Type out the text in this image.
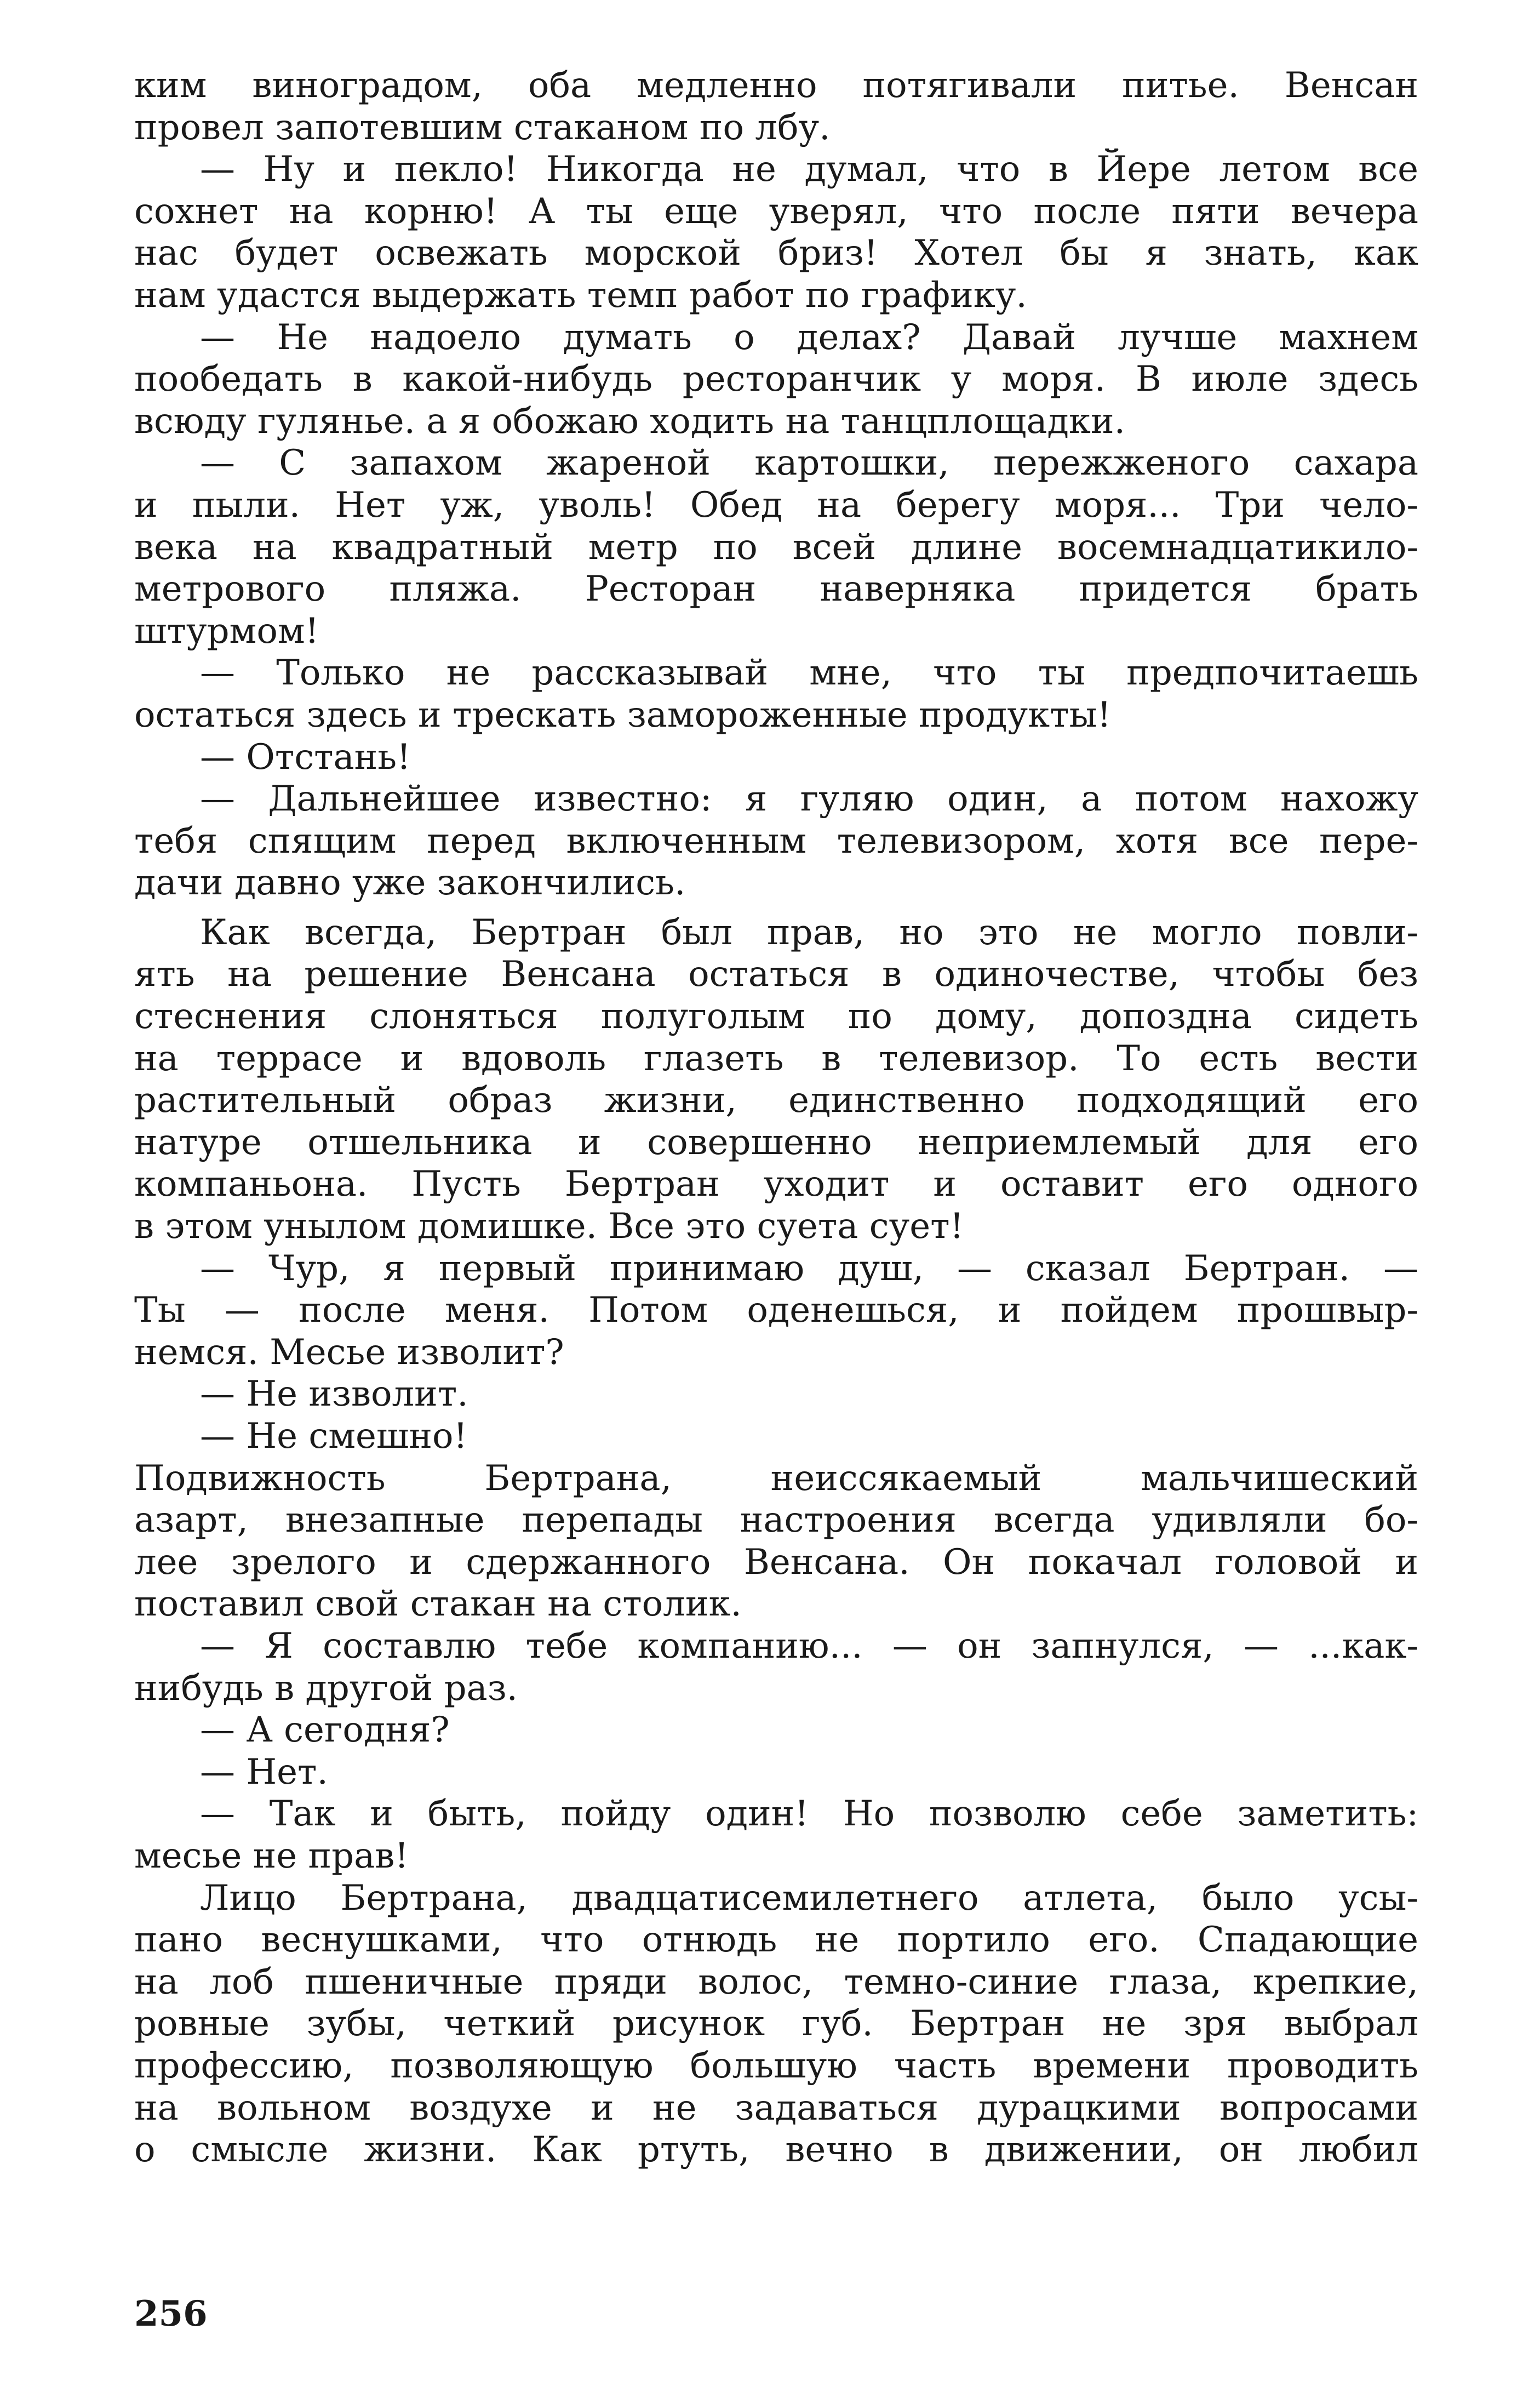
ким виноградом, оба медленно потягивали питье. Венсан
провел запотевшим стаканом по лбу.
— Ну и пекло! Никогда не думал, что в Йере летом все
сохнет на корню! А ты еще уверял, что после пяти вечера
нас будет освежать морской бриз! Хотел бы я знать, как
нам удастся выдержать темп работ по графику.
— Не надоело думать о делах? Давай лучше махнем
пообедать в какой-нибудь ресторанчик у моря. В июле здесь
всюду гулянье. а я обожаю ходить на танцплощадки.
— С запахом жареной картошки, пережженого сахара
и пыли. Нет уж, уволь! Обед на берегу моря... Три чело-
века на квадратный метр по всей длине восемнадцатикило-
метрового пляжа. Ресторан наверняка придется брать
штурмом!
— Только не рассказывай мне, что ты предпочитаешь
остаться здесь и трескать замороженные продукты!
— Отстань!
— Дальнейшее известно: я гуляю один, а потом нахожу
тебя спящим перед включенным телевизором, хотя все пере-
дачи давно уже закончились.
Как всегда, Бертран был прав, но это не могло повли-
ять на решение Венсана остаться в одиночестве, чтобы без
стеснения слоняться полуголым по дому, допоздна сидеть
на террасе и вдоволь глазеть в телевизор. То есть вести
растительный образ жизни, единственно подходящий его
натуре отшельника и совершенно неприемлемый для его
компаньона. Пусть Бертран уходит и оставит его одного
в этом унылом домишке. Все это суета сует!
— Чур, я первый принимаю душ, — сказал Бертран. —
Ты — после меня. Потом оденешься, и пойдем прошвыр-
немся. Месье изволит?
— Не изволит.
— Не смешно!
Подвижность Бертрана, неиссякаемый мальчишеский
азарт, внезапные перепады настроения всегда удивляли бо-
лее зрелого и сдержанного Венсана. Он покачал головой и
поставил свой стакан на столик.
— Я составлю тебе компанию... — он запнулся, — ...как-
нибудь в другой раз.
— А сегодня?
— Нет.
— Так и быть, пойду один! Но позволю себе заметить:
месье не прав!
Лицо Бертрана, двадцатисемилетнего атлета, было усы-
пано веснушками, что отнюдь не портило его. Спадающие
на лоб пшеничные пряди волос, темно-синие глаза, крепкие,
ровные зубы, четкий рисунок губ. Бертран не зря выбрал
профессию, позволяющую большую часть времени проводить
на вольном воздухе и не задаваться дурацкими вопросами
о смысле жизни. Как ртуть, вечно в движении, он любил
256
